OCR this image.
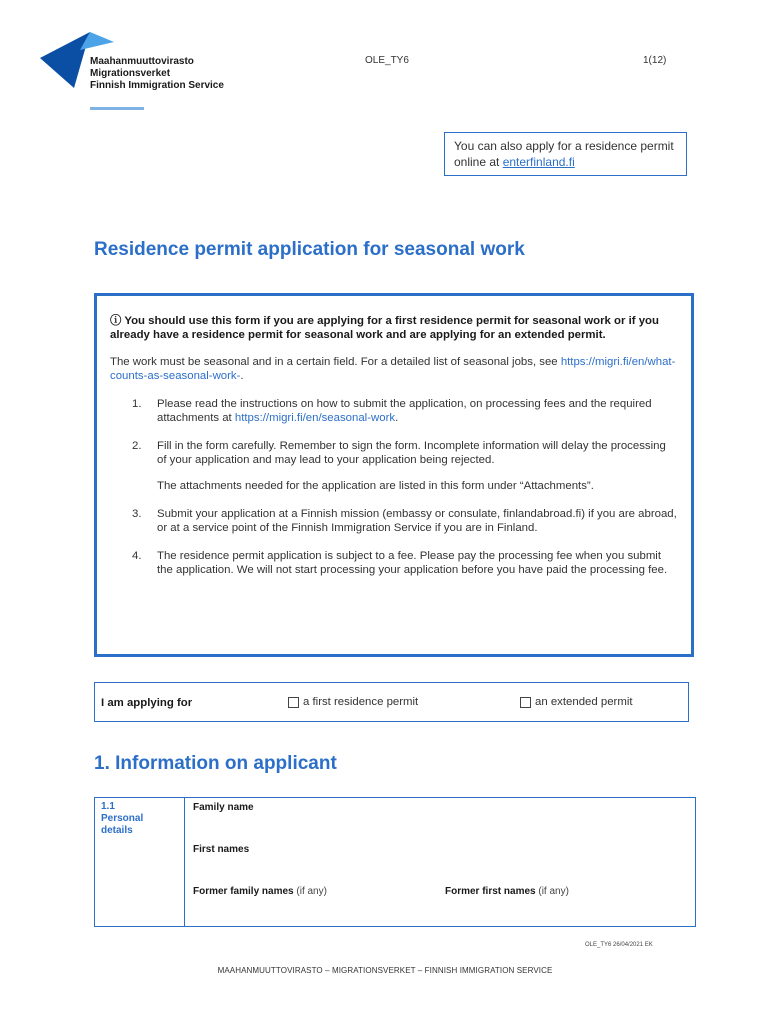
Maahanmuuttovirasto
Migrationsverket
Finnish Immigration Service
OLE_TY6	1(12)
You can also apply for a residence permit online at enterfinland.fi
Residence permit application for seasonal work
ⓘ You should use this form if you are applying for a first residence permit for seasonal work or if you already have a residence permit for seasonal work and are applying for an extended permit.
The work must be seasonal and in a certain field. For a detailed list of seasonal jobs, see https://migri.fi/en/what-counts-as-seasonal-work-.
1.	Please read the instructions on how to submit the application, on processing fees and the required attachments at https://migri.fi/en/seasonal-work.
2.	Fill in the form carefully. Remember to sign the form. Incomplete information will delay the processing of your application and may lead to your application being rejected.
The attachments needed for the application are listed in this form under “Attachments”.
3.	Submit your application at a Finnish mission (embassy or consulate, finlandabroad.fi) if you are abroad, or at a service point of the Finnish Immigration Service if you are in Finland.
4.	The residence permit application is subject to a fee. Please pay the processing fee when you submit the application. We will not start processing your application before you have paid the processing fee.
I am applying for	a first residence permit	an extended permit
1. Information on applicant
1.1
Personal details
Family name
First names
Former family names (if any)	Former first names (if any)
OLE_TY6 26/04/2021 EK
MAAHANMUUTTOVIRASTO – MIGRATIONSVERKET – FINNISH IMMIGRATION SERVICE
